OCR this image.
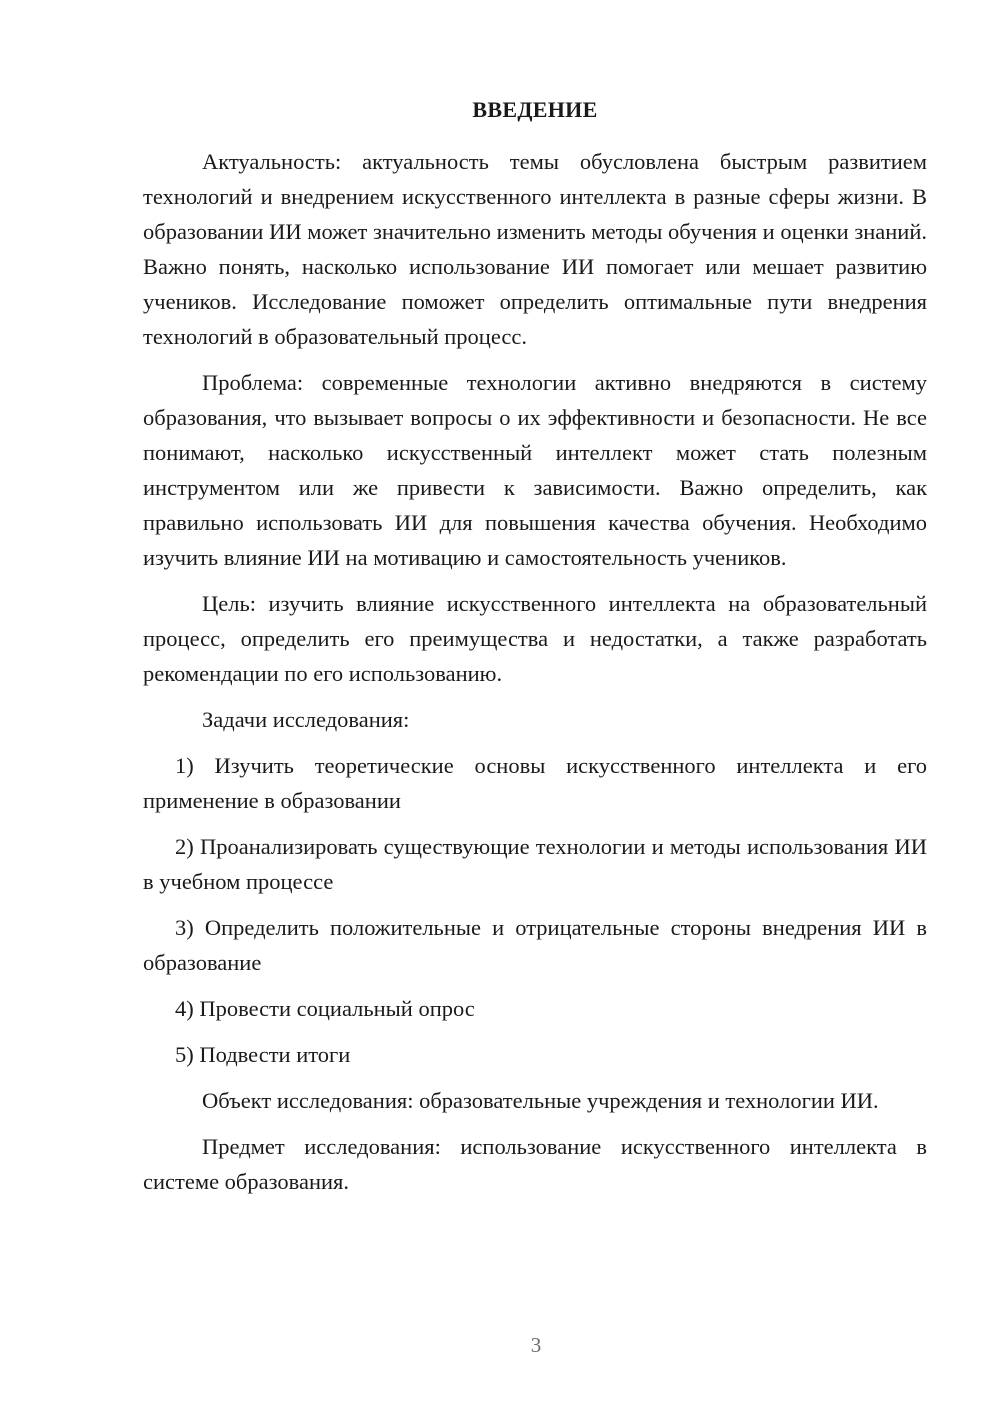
ВВЕДЕНИЕ

Актуальность: актуальность темы обусловлена быстрым развитием технологий и внедрением искусственного интеллекта в разные сферы жизни. В образовании ИИ может значительно изменить методы обучения и оценки знаний. Важно понять, насколько использование ИИ помогает или мешает развитию учеников. Исследование поможет определить оптимальные пути внедрения технологий в образовательный процесс.

Проблема: современные технологии активно внедряются в систему образования, что вызывает вопросы о их эффективности и безопасности. Не все понимают, насколько искусственный интеллект может стать полезным инструментом или же привести к зависимости. Важно определить, как правильно использовать ИИ для повышения качества обучения. Необходимо изучить влияние ИИ на мотивацию и самостоятельность учеников.

Цель: изучить влияние искусственного интеллекта на образовательный процесс, определить его преимущества и недостатки, а также разработать рекомендации по его использованию.

Задачи исследования:

1) Изучить теоретические основы искусственного интеллекта и его применение в образовании

2) Проанализировать существующие технологии и методы использования ИИ в учебном процессе

3) Определить положительные и отрицательные стороны внедрения ИИ в образование

4) Провести социальный опрос

5) Подвести итоги

Объект исследования: образовательные учреждения и технологии ИИ.

Предмет исследования: использование искусственного интеллекта в системе образования.

3
